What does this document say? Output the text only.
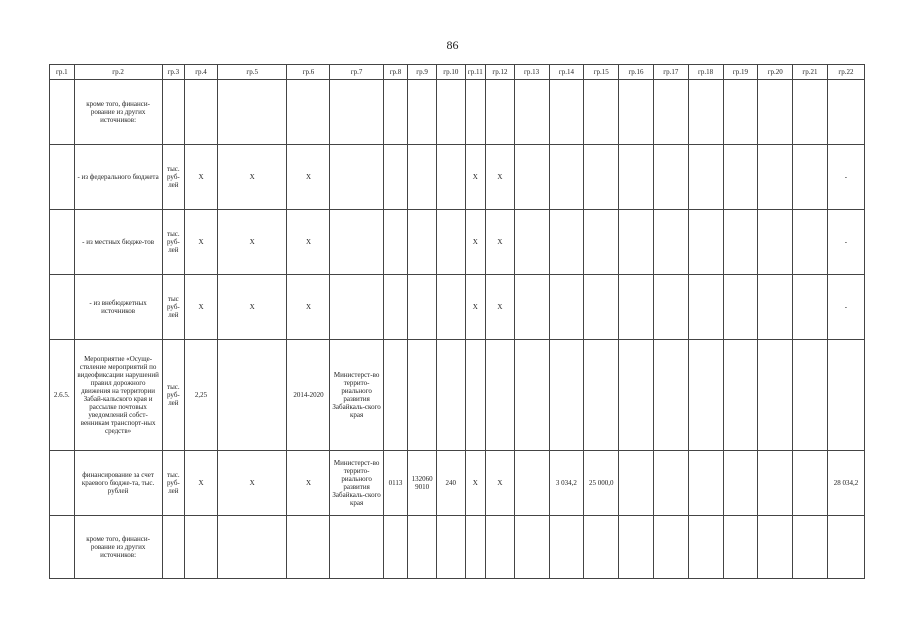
86
гр.1	гр.2	гр.3	гр.4	гр.5	гр.6	гр.7	гр.8	гр.9	гр.10	гр.11	гр.12	гр.13	гр.14	гр.15	гр.16	гр.17	гр.18	гр.19	гр.20	гр.21	гр.22
	кроме того, финанси-рование из других источников:																				
	- из федерального бюджета	тыс. руб-лей	X	X	X					X	X										-
	- из местных бюдже-тов	тыс. руб-лей	X	X	X					X	X										-
	- из внебюджетных источников	тыс руб-лей	X	X	X					X	X										-
2.6.5.	Мероприятие «Осуще-ствление мероприятий по видеофиксации нарушений правил дорожного движения на территории Забай-кальского края и рассылке почтовых уведомлений собст-венникам транспорт-ных средств»	тыс. руб-лей	2,25		2014-2020	Министерст-во террито-риального развития Забайкаль-ского края															
	финансирование за счет краевого бюдже-та, тыс. рублей	тыс. руб-лей	X	X	X	Министерст-во террито-риального развития Забайкаль-ского края	0113	132060 9010	240	X	X		3 034,2	25 000,0							28 034,2
	кроме того, финанси-рование из других источников:																				
